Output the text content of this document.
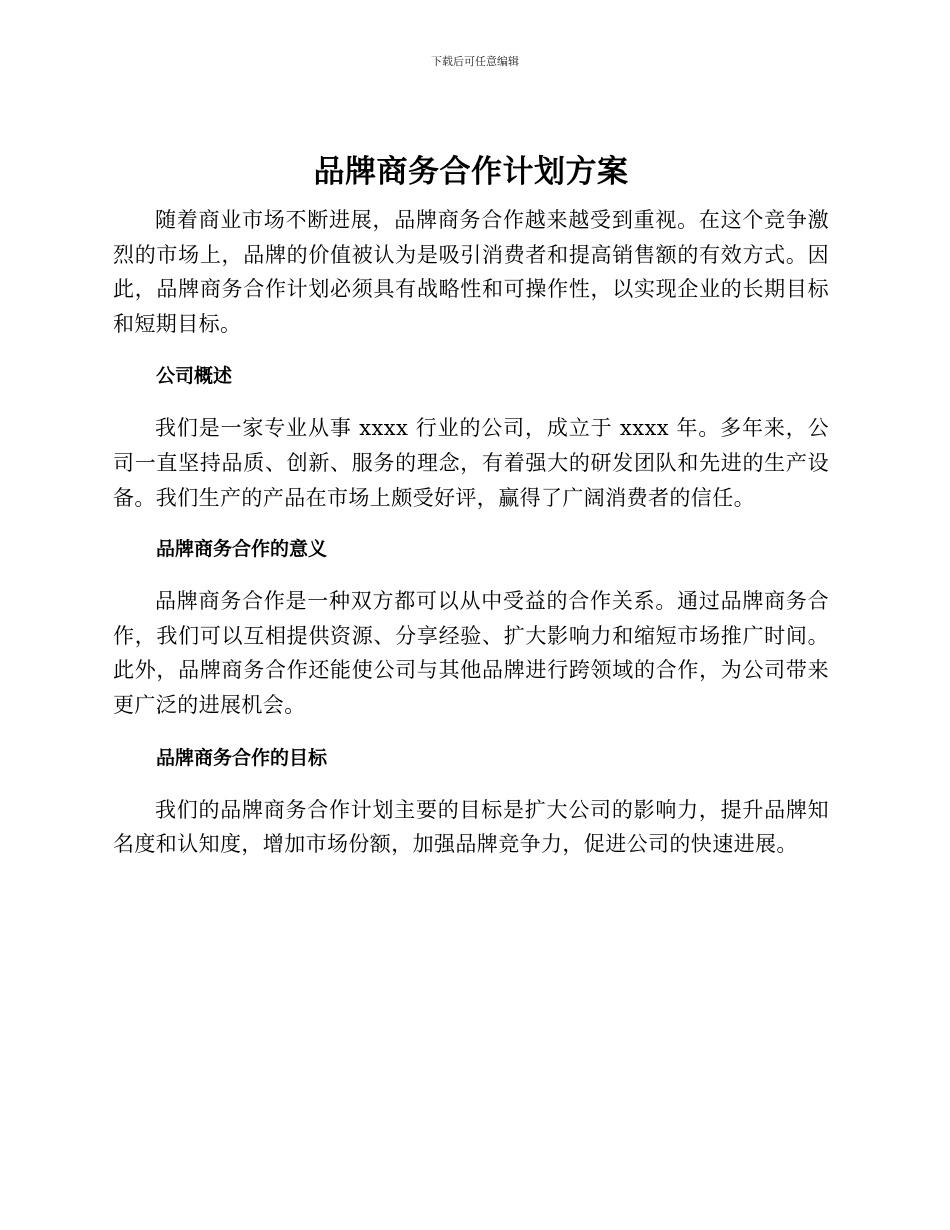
下载后可任意编辑
品牌商务合作计划方案

随着商业市场不断进展，品牌商务合作越来越受到重视。在这个竞争激烈的市场上，品牌的价值被认为是吸引消费者和提高销售额的有效方式。因此，品牌商务合作计划必须具有战略性和可操作性，以实现企业的长期目标和短期目标。

公司概述

我们是一家专业从事 xxxx 行业的公司，成立于 xxxx 年。多年来，公司一直坚持品质、创新、服务的理念，有着强大的研发团队和先进的生产设备。我们生产的产品在市场上颇受好评，赢得了广阔消费者的信任。

品牌商务合作的意义

品牌商务合作是一种双方都可以从中受益的合作关系。通过品牌商务合作，我们可以互相提供资源、分享经验、扩大影响力和缩短市场推广时间。此外，品牌商务合作还能使公司与其他品牌进行跨领域的合作，为公司带来更广泛的进展机会。

品牌商务合作的目标

我们的品牌商务合作计划主要的目标是扩大公司的影响力，提升品牌知名度和认知度，增加市场份额，加强品牌竞争力，促进公司的快速进展。
